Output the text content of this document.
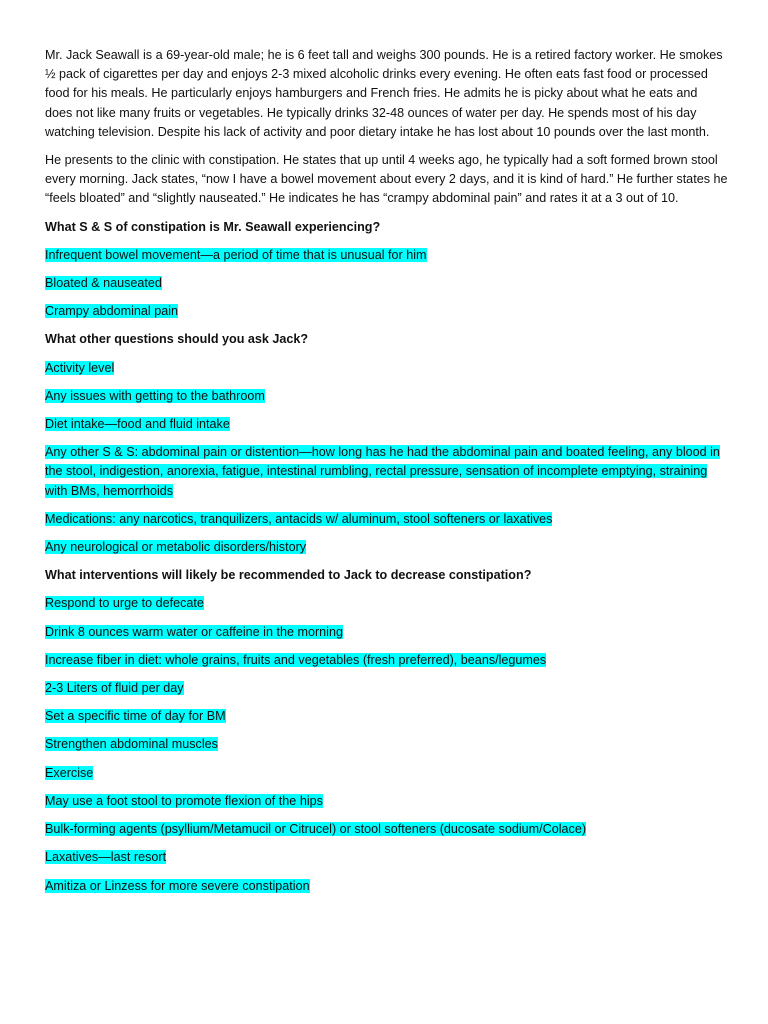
Mr. Jack Seawall is a 69-year-old male; he is 6 feet tall and weighs 300 pounds. He is a retired factory worker. He smokes ½ pack of cigarettes per day and enjoys 2-3 mixed alcoholic drinks every evening. He often eats fast food or processed food for his meals. He particularly enjoys hamburgers and French fries. He admits he is picky about what he eats and does not like many fruits or vegetables. He typically drinks 32-48 ounces of water per day. He spends most of his day watching television. Despite his lack of activity and poor dietary intake he has lost about 10 pounds over the last month.

He presents to the clinic with constipation. He states that up until 4 weeks ago, he typically had a soft formed brown stool every morning. Jack states, “now I have a bowel movement about every 2 days, and it is kind of hard.” He further states he “feels bloated” and “slightly nauseated.” He indicates he has “crampy abdominal pain” and rates it at a 3 out of 10.

What S & S of constipation is Mr. Seawall experiencing?

Infrequent bowel movement—a period of time that is unusual for him

Bloated & nauseated

Crampy abdominal pain

What other questions should you ask Jack?

Activity level

Any issues with getting to the bathroom

Diet intake—food and fluid intake

Any other S & S: abdominal pain or distention—how long has he had the abdominal pain and boated feeling, any blood in the stool, indigestion, anorexia, fatigue, intestinal rumbling, rectal pressure, sensation of incomplete emptying, straining with BMs, hemorrhoids

Medications: any narcotics, tranquilizers, antacids w/ aluminum, stool softeners or laxatives

Any neurological or metabolic disorders/history

What interventions will likely be recommended to Jack to decrease constipation?

Respond to urge to defecate

Drink 8 ounces warm water or caffeine in the morning

Increase fiber in diet: whole grains, fruits and vegetables (fresh preferred), beans/legumes

2-3 Liters of fluid per day

Set a specific time of day for BM

Strengthen abdominal muscles

Exercise

May use a foot stool to promote flexion of the hips

Bulk-forming agents (psyllium/Metamucil or Citrucel) or stool softeners (ducosate sodium/Colace)

Laxatives—last resort

Amitiza or Linzess for more severe constipation
